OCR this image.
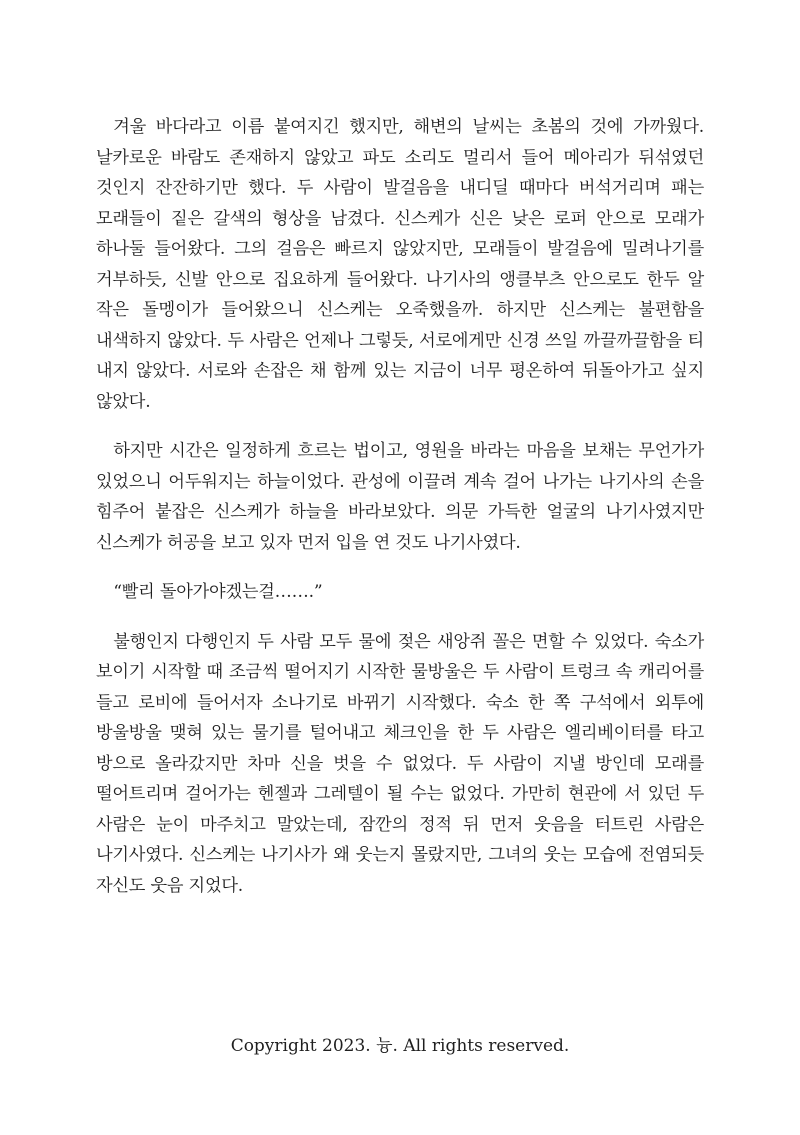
겨울 바다라고 이름 붙여지긴 했지만, 해변의 날씨는 초봄의 것에 가까웠다. 날카로운 바람도 존재하지 않았고 파도 소리도 멀리서 들어 메아리가 뒤섞였던 것인지 잔잔하기만 했다. 두 사람이 발걸음을 내디딜 때마다 버석거리며 패는 모래들이 짙은 갈색의 형상을 남겼다. 신스케가 신은 낮은 로퍼 안으로 모래가 하나둘 들어왔다. 그의 걸음은 빠르지 않았지만, 모래들이 발걸음에 밀려나기를 거부하듯, 신발 안으로 집요하게 들어왔다. 나기사의 앵클부츠 안으로도 한두 알 작은 돌멩이가 들어왔으니 신스케는 오죽했을까. 하지만 신스케는 불편함을 내색하지 않았다. 두 사람은 언제나 그렇듯, 서로에게만 신경 쓰일 까끌까끌함을 티 내지 않았다. 서로와 손잡은 채 함께 있는 지금이 너무 평온하여 뒤돌아가고 싶지 않았다.

하지만 시간은 일정하게 흐르는 법이고, 영원을 바라는 마음을 보채는 무언가가 있었으니 어두워지는 하늘이었다. 관성에 이끌려 계속 걸어 나가는 나기사의 손을 힘주어 붙잡은 신스케가 하늘을 바라보았다. 의문 가득한 얼굴의 나기사였지만 신스케가 허공을 보고 있자 먼저 입을 연 것도 나기사였다.

“빨리 돌아가야겠는걸…….”

불행인지 다행인지 두 사람 모두 물에 젖은 새앙쥐 꼴은 면할 수 있었다. 숙소가 보이기 시작할 때 조금씩 떨어지기 시작한 물방울은 두 사람이 트렁크 속 캐리어를 들고 로비에 들어서자 소나기로 바뀌기 시작했다. 숙소 한 쪽 구석에서 외투에 방울방울 맺혀 있는 물기를 털어내고 체크인을 한 두 사람은 엘리베이터를 타고 방으로 올라갔지만 차마 신을 벗을 수 없었다. 두 사람이 지낼 방인데 모래를 떨어트리며 걸어가는 헨젤과 그레텔이 될 수는 없었다. 가만히 현관에 서 있던 두 사람은 눈이 마주치고 말았는데, 잠깐의 정적 뒤 먼저 웃음을 터트린 사람은 나기사였다. 신스케는 나기사가 왜 웃는지 몰랐지만, 그녀의 웃는 모습에 전염되듯 자신도 웃음 지었다.

Copyright 2023. 늉. All rights reserved.
